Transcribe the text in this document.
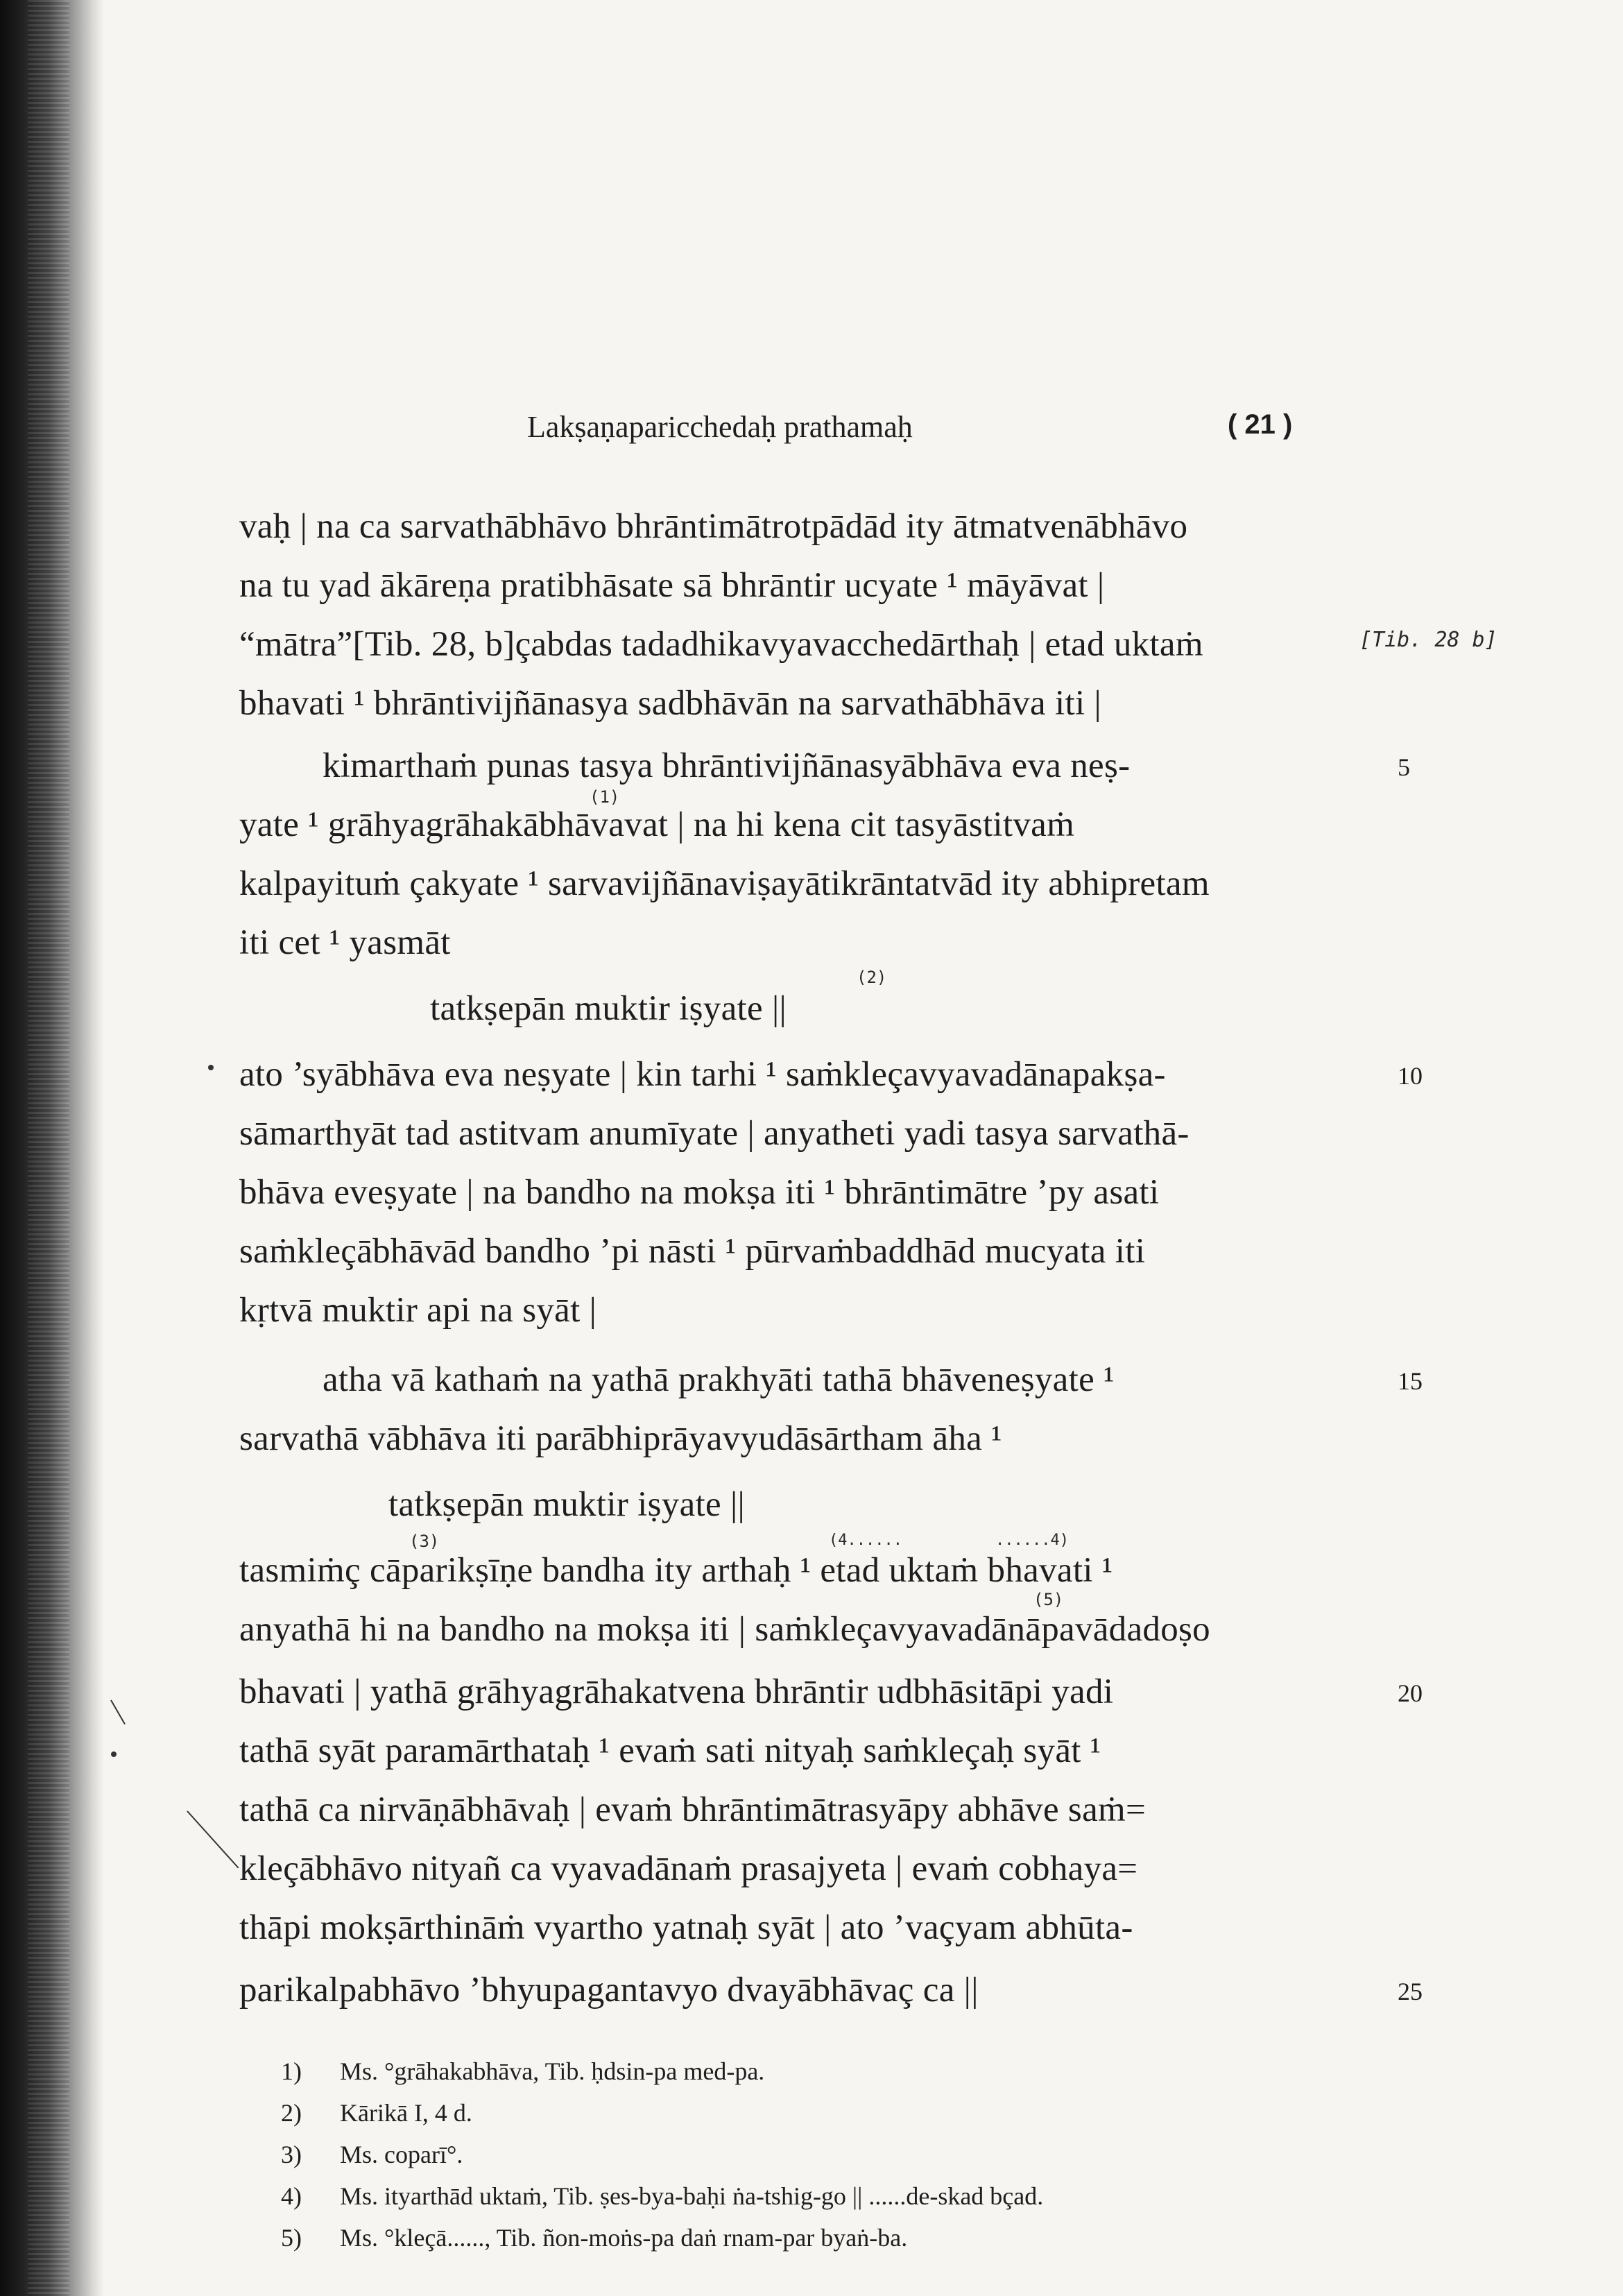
Lakṣaṇaparicchedaḥ prathamaḥ	( 21 )
vaḥ | na ca sarvathābhāvo bhrāntimātrotpādād ity ātmatvenābhāvo
na tu yad ākāreṇa pratibhāsate sā bhrāntir ucyate ¹ māyāvat |
“mātra”[Tib. 28, b]çabdas tadadhikavyavacchedārthaḥ | etad uktaṁ
bhavati ¹ bhrāntivijñānasya sadbhāvān na sarvathābhāva iti |
kimarthaṁ punas tasya bhrāntivijñānasyābhāva eva neṣ-
yate ¹ grāhyagrāhakābhāvavat | na hi kena cit tasyāstitvaṁ
kalpayituṁ çakyate ¹ sarvavijñānaviṣayātikrāntatvād ity abhipretam
iti cet ¹ yasmāt
tatkṣepān muktir iṣyate ||
ato ’syābhāva eva neṣyate | kin tarhi ¹ saṁkleçavyavadānapakṣa-
sāmarthyāt tad astitvam anumīyate | anyatheti yadi tasya sarvathā-
bhāva eveṣyate | na bandho na mokṣa iti ¹ bhrāntimātre ’py asati
saṁkleçābhāvād bandho ’pi nāsti ¹ pūrvaṁbaddhād mucyata iti
kṛtvā muktir api na syāt |
atha vā kathaṁ na yathā prakhyāti tathā bhāveneṣyate ¹
sarvathā vābhāva iti parābhiprāyavyudāsārtham āha ¹
tatkṣepān muktir iṣyate ||
tasmiṁç cāparikṣīṇe bandha ity arthaḥ ¹ etad uktaṁ bhavati ¹
anyathā hi na bandho na mokṣa iti | saṁkleçavyavadānāpavādadoṣo
bhavati | yathā grāhyagrāhakatvena bhrāntir udbhāsitāpi yadi
tathā syāt paramārthataḥ ¹ evaṁ sati nityaḥ saṁkleçaḥ syāt ¹
tathā ca nirvāṇābhāvaḥ | evaṁ bhrāntimātrasyāpy abhāve saṁ=
kleçābhāvo nityañ ca vyavadānaṁ prasajyeta | evaṁ cobhaya=
thāpi mokṣārthināṁ vyartho yatnaḥ syāt | ato ’vaçyam abhūta-
parikalpabhāvo ’bhyupagantavyo dvayābhāvaç ca ||
(1)
(2)
(3)	(4......	......4)
(5)
[Tib. 28 b]
5
10
15
20
25
1) Ms. °grāhakabhāva, Tib. ḥdsin-pa med-pa.
2) Kārikā I, 4 d.
3) Ms. coparī°.
4) Ms. ityarthād uktaṁ, Tib. ṣes-bya-baḥi ṅa-tshig-go || ......de-skad bçad.
5) Ms. °kleçā......, Tib. ñon-moṅs-pa daṅ rnam-par byaṅ-ba.
